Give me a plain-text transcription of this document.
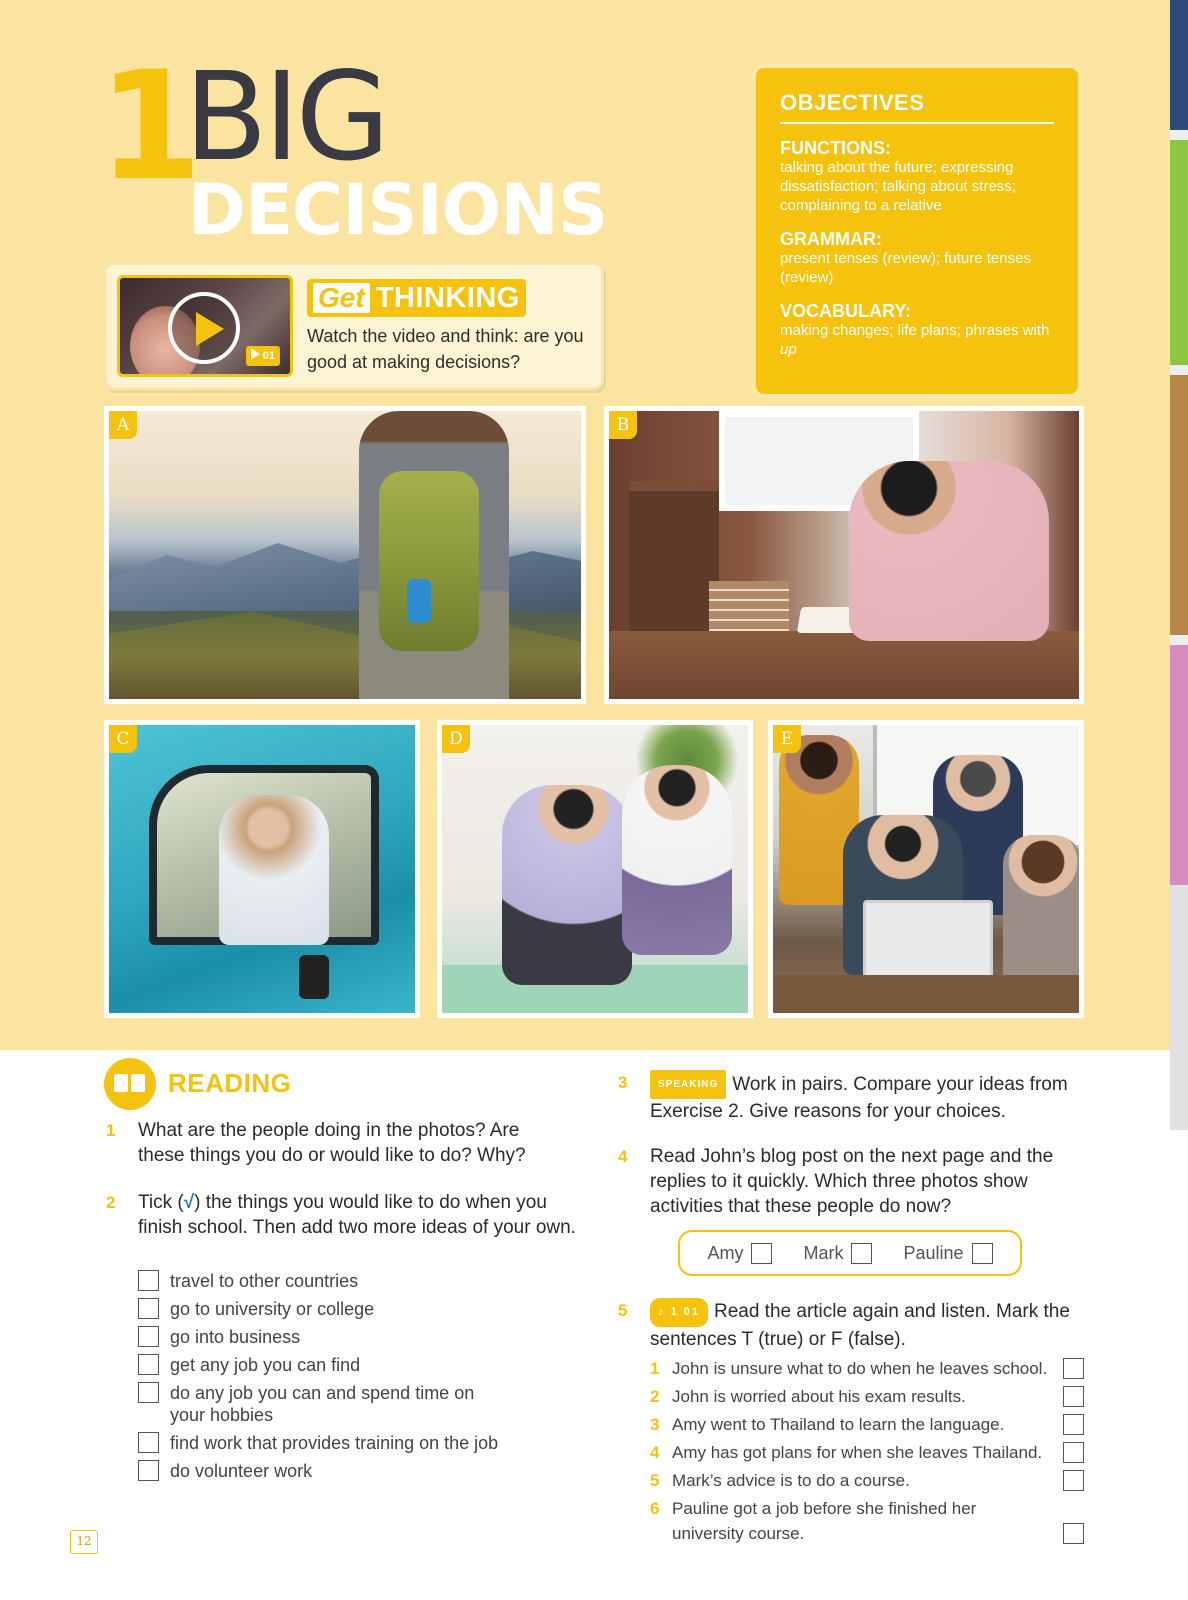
1
BIG
DECISIONS
01
Get THINKING
Watch the video and think: are you good at making decisions?
OBJECTIVES
FUNCTIONS:
talking about the future; expressing dissatisfaction; talking about stress; complaining to a relative
GRAMMAR:
present tenses (review); future tenses (review)
VOCABULARY:
making changes; life plans; phrases with up
A	B
C	D	E
READING
1 What are the people doing in the photos? Are these things you do or would like to do? Why?
2 Tick (√) the things you would like to do when you finish school. Then add two more ideas of your own.
travel to other countries
go to university or college
go into business
get any job you can find
do any job you can and spend time on your hobbies
find work that provides training on the job
do volunteer work
3	SPEAKING Work in pairs. Compare your ideas from Exercise 2. Give reasons for your choices.
4 Read John’s blog post on the next page and the replies to it quickly. Which three photos show activities that these people do now?
Amy	Mark	Pauline
5	♪ 1 01 Read the article again and listen. Mark the sentences T (true) or F (false).
1 John is unsure what to do when he leaves school.
2 John is worried about his exam results.
3 Amy went to Thailand to learn the language.
4 Amy has got plans for when she leaves Thailand.
5 Mark’s advice is to do a course.
6 Pauline got a job before she finished her university course.
12
